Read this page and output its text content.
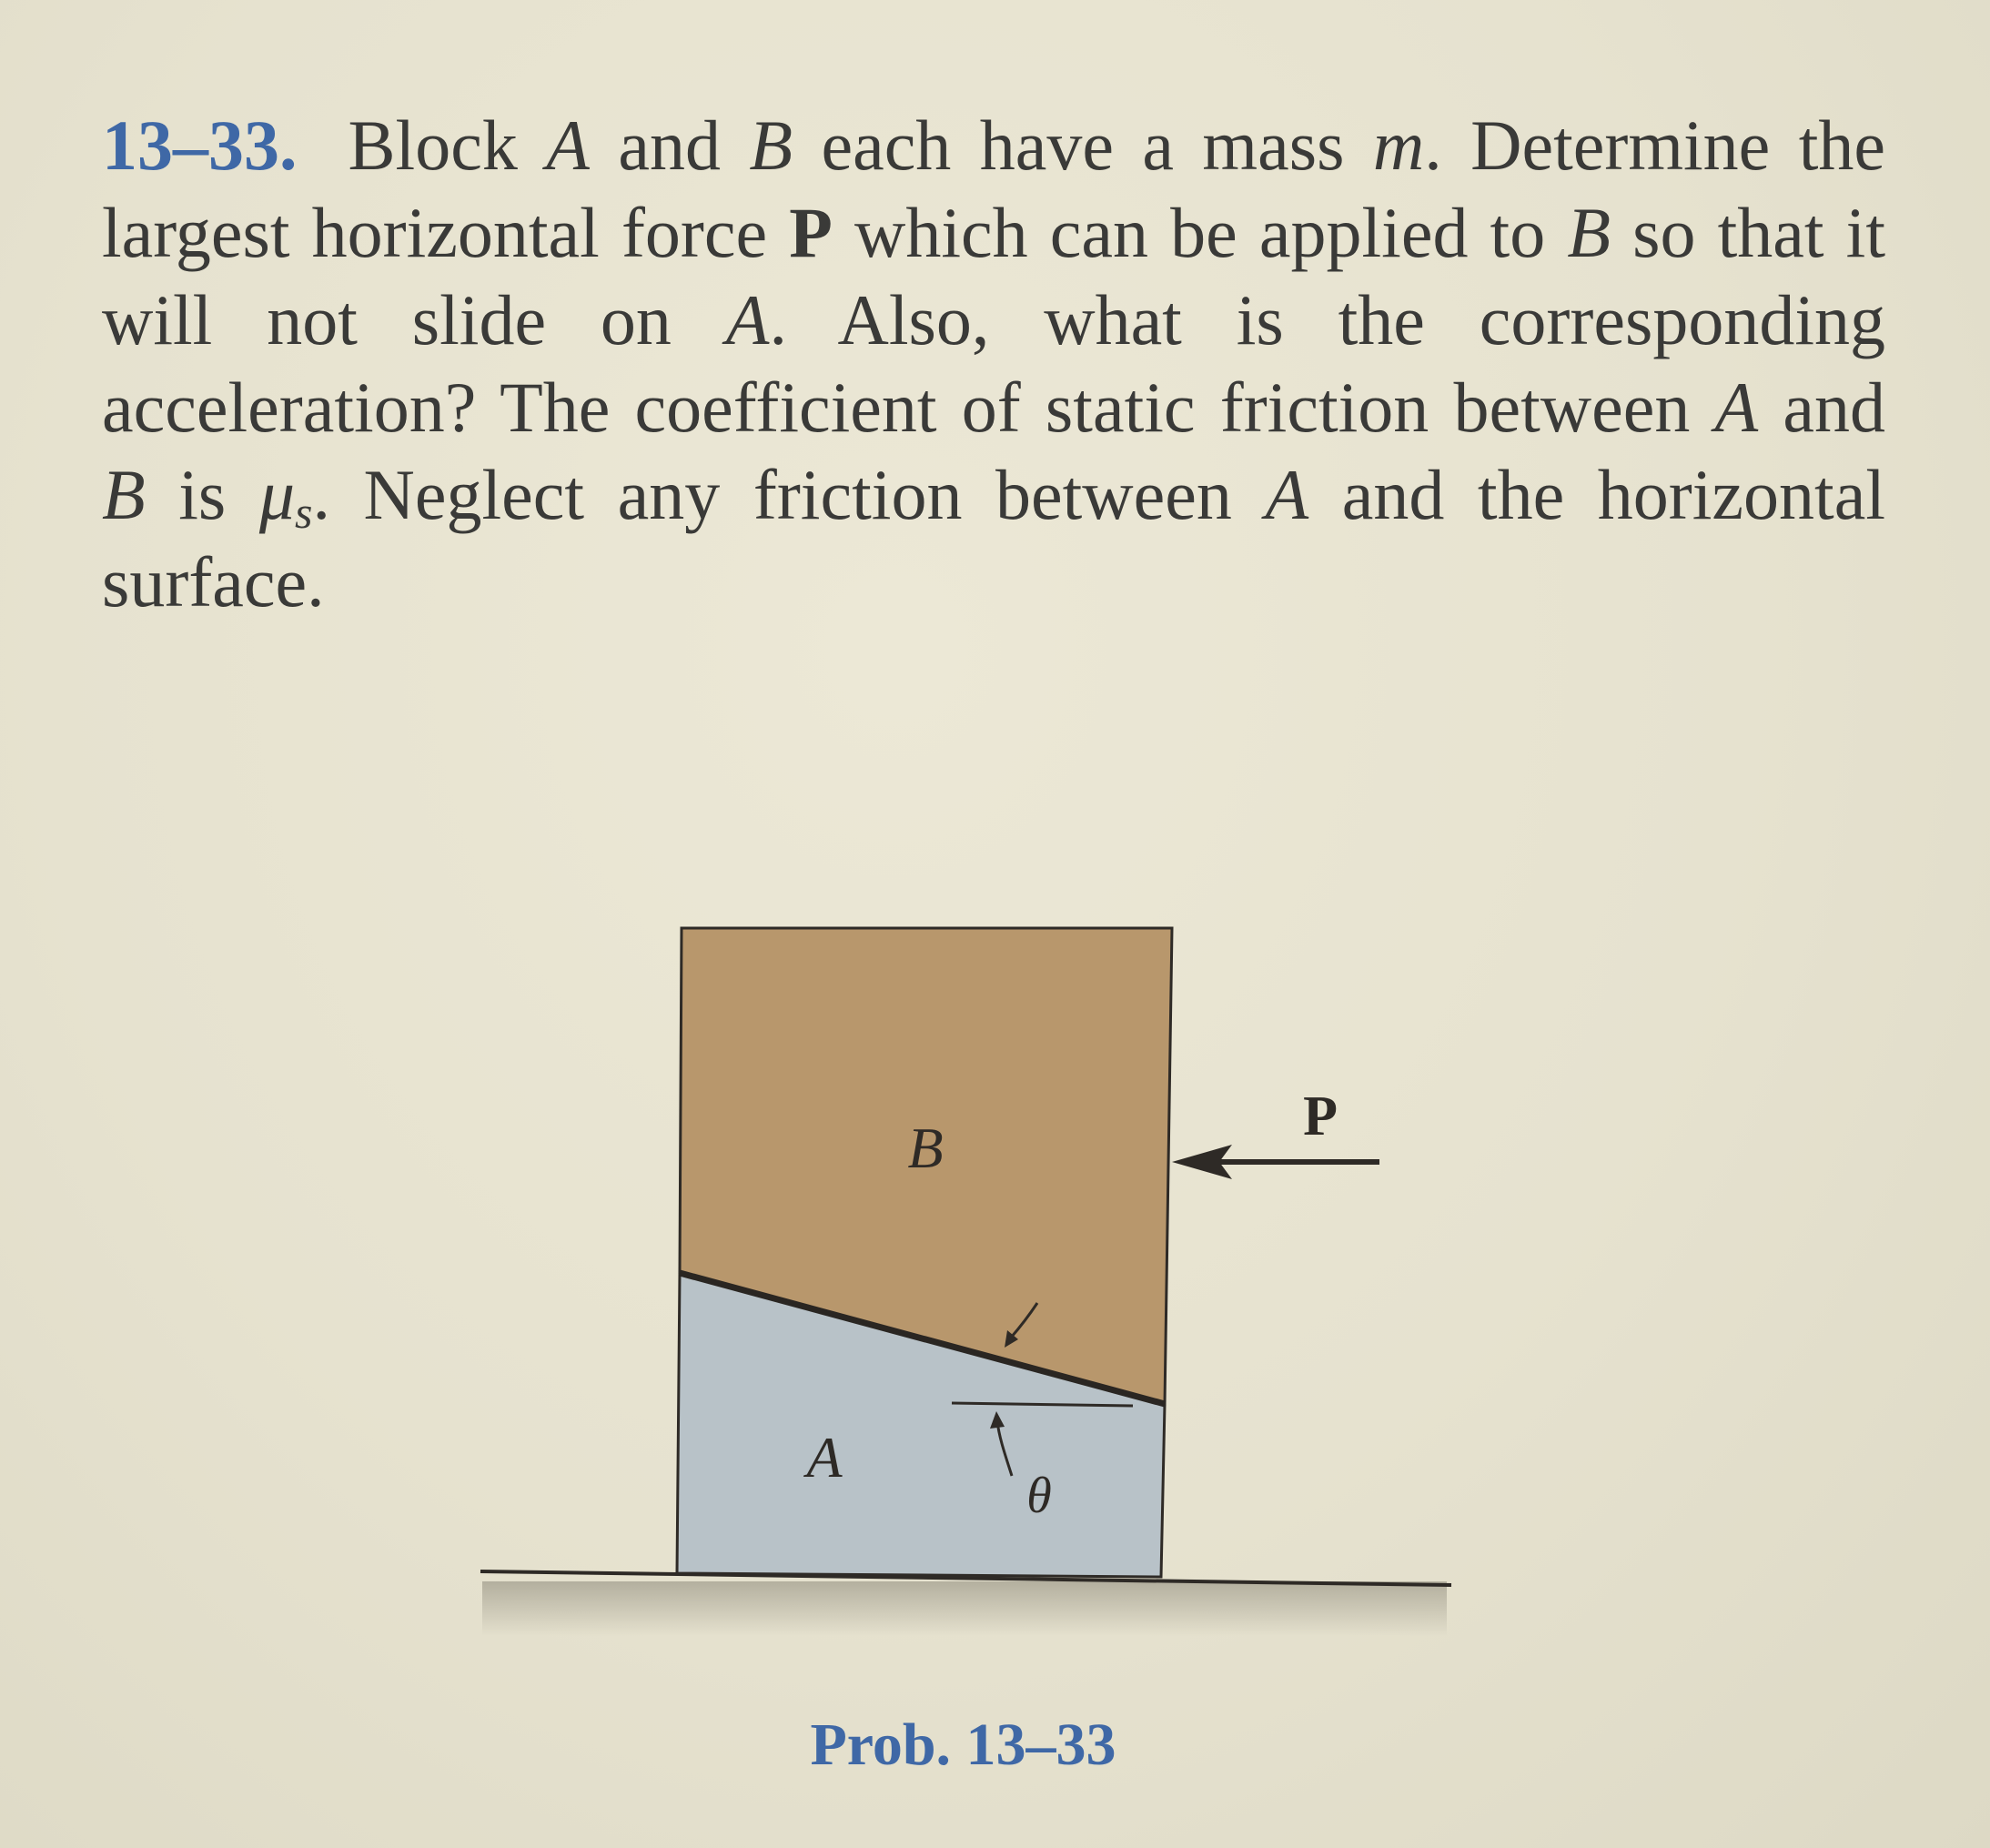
13–33. Block A and B each have a mass m. Determine the largest horizontal force P which can be applied to B so that it will not slide on A. Also, what is the corresponding acceleration? The coefficient of static friction between A and B is $\mu_s$. Neglect any friction between A and the horizontal surface.
B
A
P
θ
Prob. 13–33
